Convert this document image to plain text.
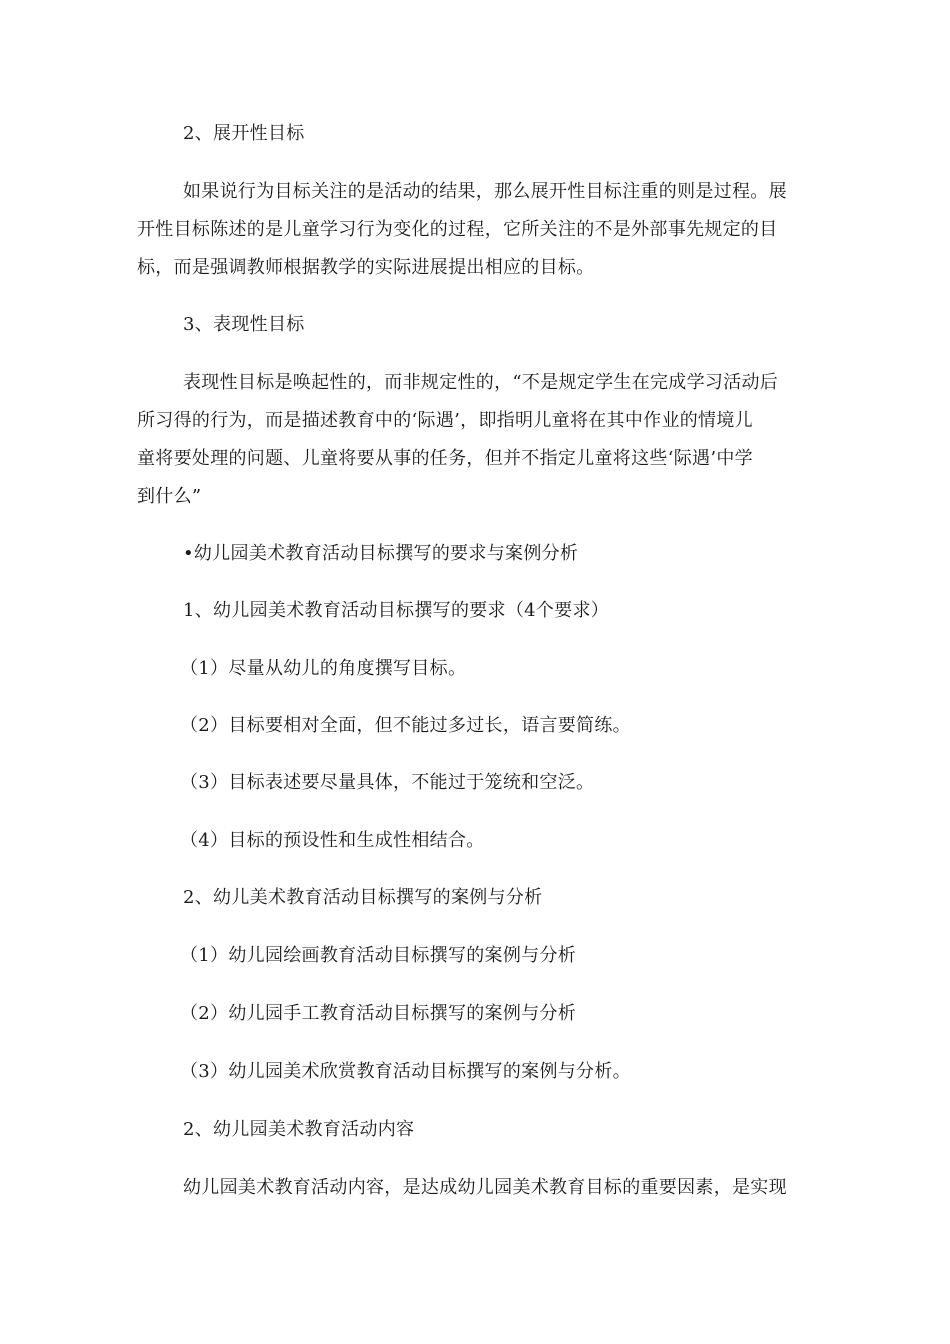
2、展开性目标
如果说行为目标关注的是活动的结果，那么展开性目标注重的则是过程。展
开性目标陈述的是儿童学习行为变化的过程，它所关注的不是外部事先规定的目
标，而是强调教师根据教学的实际进展提出相应的目标。
3、表现性目标
表现性目标是唤起性的，而非规定性的，“不是规定学生在完成学习活动后
所习得的行为，而是描述教育中的‘际遇’，即指明儿童将在其中作业的情境儿
童将要处理的问题、儿童将要从事的任务，但并不指定儿童将这些‘际遇’中学
到什么”
•幼儿园美术教育活动目标撰写的要求与案例分析
1、幼儿园美术教育活动目标撰写的要求（4个要求）
（1）尽量从幼儿的角度撰写目标。
（2）目标要相对全面，但不能过多过长，语言要简练。
（3）目标表述要尽量具体，不能过于笼统和空泛。
（4）目标的预设性和生成性相结合。
2、幼儿美术教育活动目标撰写的案例与分析
（1）幼儿园绘画教育活动目标撰写的案例与分析
（2）幼儿园手工教育活动目标撰写的案例与分析
（3）幼儿园美术欣赏教育活动目标撰写的案例与分析。
2、幼儿园美术教育活动内容
幼儿园美术教育活动内容，是达成幼儿园美术教育目标的重要因素，是实现
